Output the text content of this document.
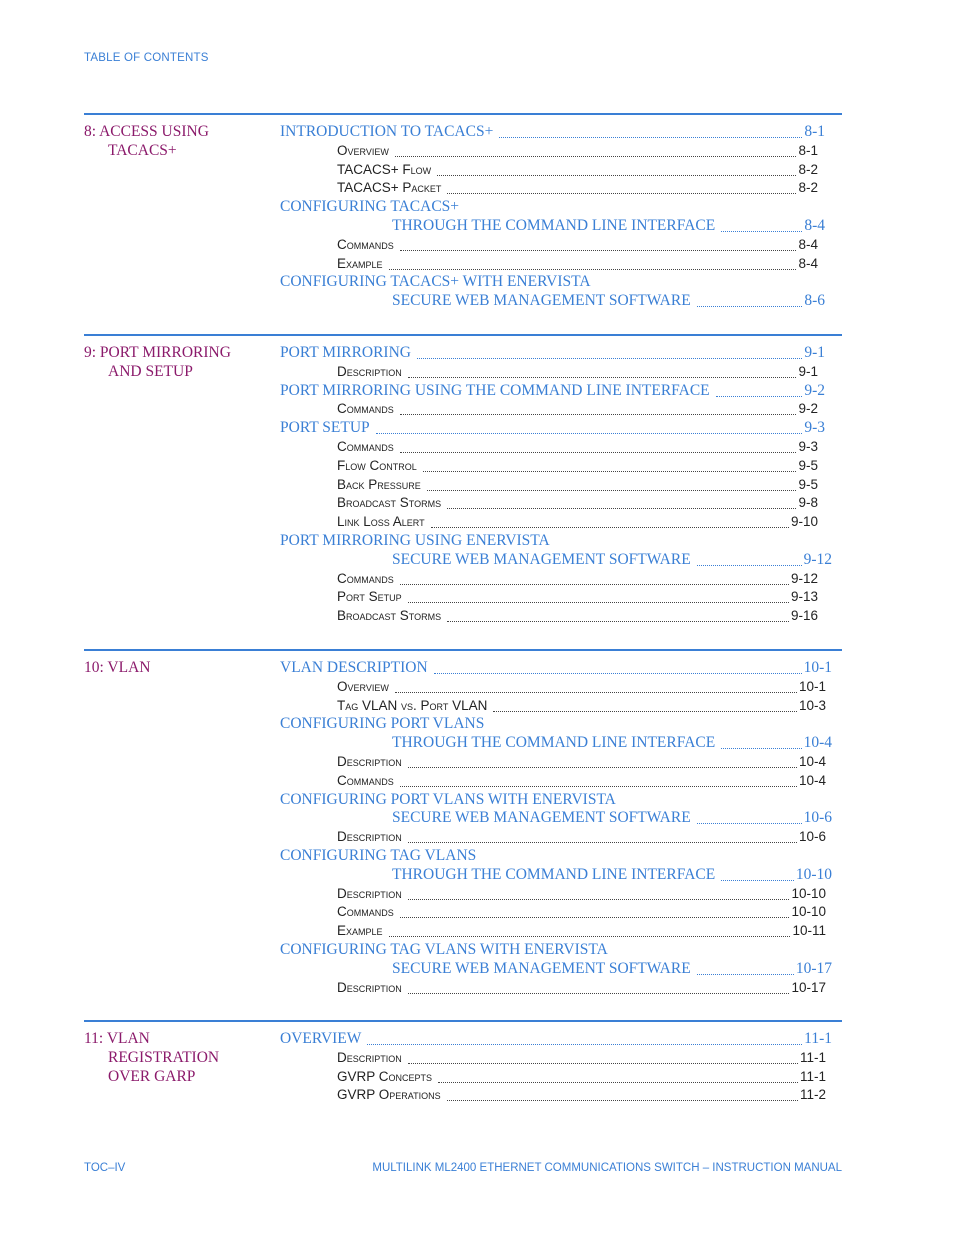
TABLE OF CONTENTS
8: ACCESS USING
TACACS+
INTRODUCTION TO TACACS+	8-1
Overview	8-1
TACACS+ Flow	8-2
TACACS+ Packet	8-2
CONFIGURING TACACS+
THROUGH THE COMMAND LINE INTERFACE	8-4
Commands	8-4
Example	8-4
CONFIGURING TACACS+ WITH ENERVISTA
SECURE WEB MANAGEMENT SOFTWARE	8-6
9: PORT MIRRORING
AND SETUP
PORT MIRRORING	9-1
Description	9-1
PORT MIRRORING USING THE COMMAND LINE INTERFACE	9-2
Commands	9-2
PORT SETUP	9-3
Commands	9-3
Flow Control	9-5
Back Pressure	9-5
Broadcast Storms	9-8
Link Loss Alert	9-10
PORT MIRRORING USING ENERVISTA
SECURE WEB MANAGEMENT SOFTWARE	9-12
Commands	9-12
Port Setup	9-13
Broadcast Storms	9-16
10: VLAN	VLAN DESCRIPTION	10-1
Overview	10-1
Tag VLAN vs. Port VLAN	10-3
CONFIGURING PORT VLANS
THROUGH THE COMMAND LINE INTERFACE	10-4
Description	10-4
Commands	10-4
CONFIGURING PORT VLANS WITH ENERVISTA
SECURE WEB MANAGEMENT SOFTWARE	10-6
Description	10-6
CONFIGURING TAG VLANS
THROUGH THE COMMAND LINE INTERFACE	10-10
Description	10-10
Commands	10-10
Example	10-11
CONFIGURING TAG VLANS WITH ENERVISTA
SECURE WEB MANAGEMENT SOFTWARE	10-17
Description	10-17
11: VLAN
REGISTRATION
OVER GARP
OVERVIEW	11-1
Description	11-1
GVRP Concepts	11-1
GVRP Operations	11-2
TOC–IV	MULTILINK ML2400 ETHERNET COMMUNICATIONS SWITCH – INSTRUCTION MANUAL
